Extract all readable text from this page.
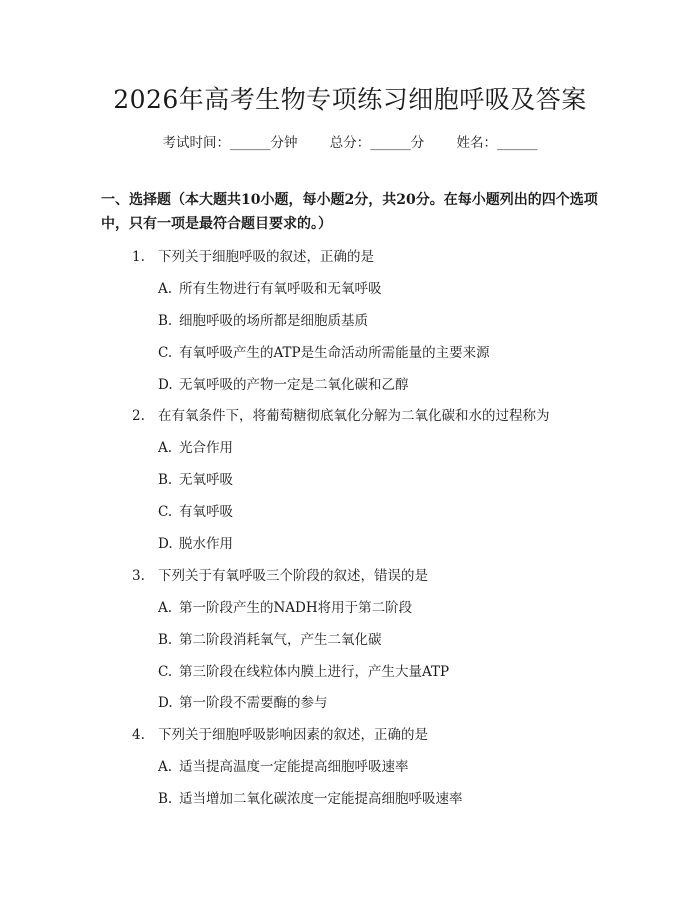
2026年高考生物专项练习细胞呼吸及答案
考试时间：______分钟 总分：______分 姓名：______
一、选择题（本大题共10小题，每小题2分，共20分。在每小题列出的四个选项中，只有一项是最符合题目要求的。）
1. 下列关于细胞呼吸的叙述，正确的是
A. 所有生物进行有氧呼吸和无氧呼吸
B. 细胞呼吸的场所都是细胞质基质
C. 有氧呼吸产生的ATP是生命活动所需能量的主要来源
D. 无氧呼吸的产物一定是二氧化碳和乙醇
2. 在有氧条件下，将葡萄糖彻底氧化分解为二氧化碳和水的过程称为
A. 光合作用
B. 无氧呼吸
C. 有氧呼吸
D. 脱水作用
3. 下列关于有氧呼吸三个阶段的叙述，错误的是
A. 第一阶段产生的NADH将用于第二阶段
B. 第二阶段消耗氧气，产生二氧化碳
C. 第三阶段在线粒体内膜上进行，产生大量ATP
D. 第一阶段不需要酶的参与
4. 下列关于细胞呼吸影响因素的叙述，正确的是
A. 适当提高温度一定能提高细胞呼吸速率
B. 适当增加二氧化碳浓度一定能提高细胞呼吸速率
